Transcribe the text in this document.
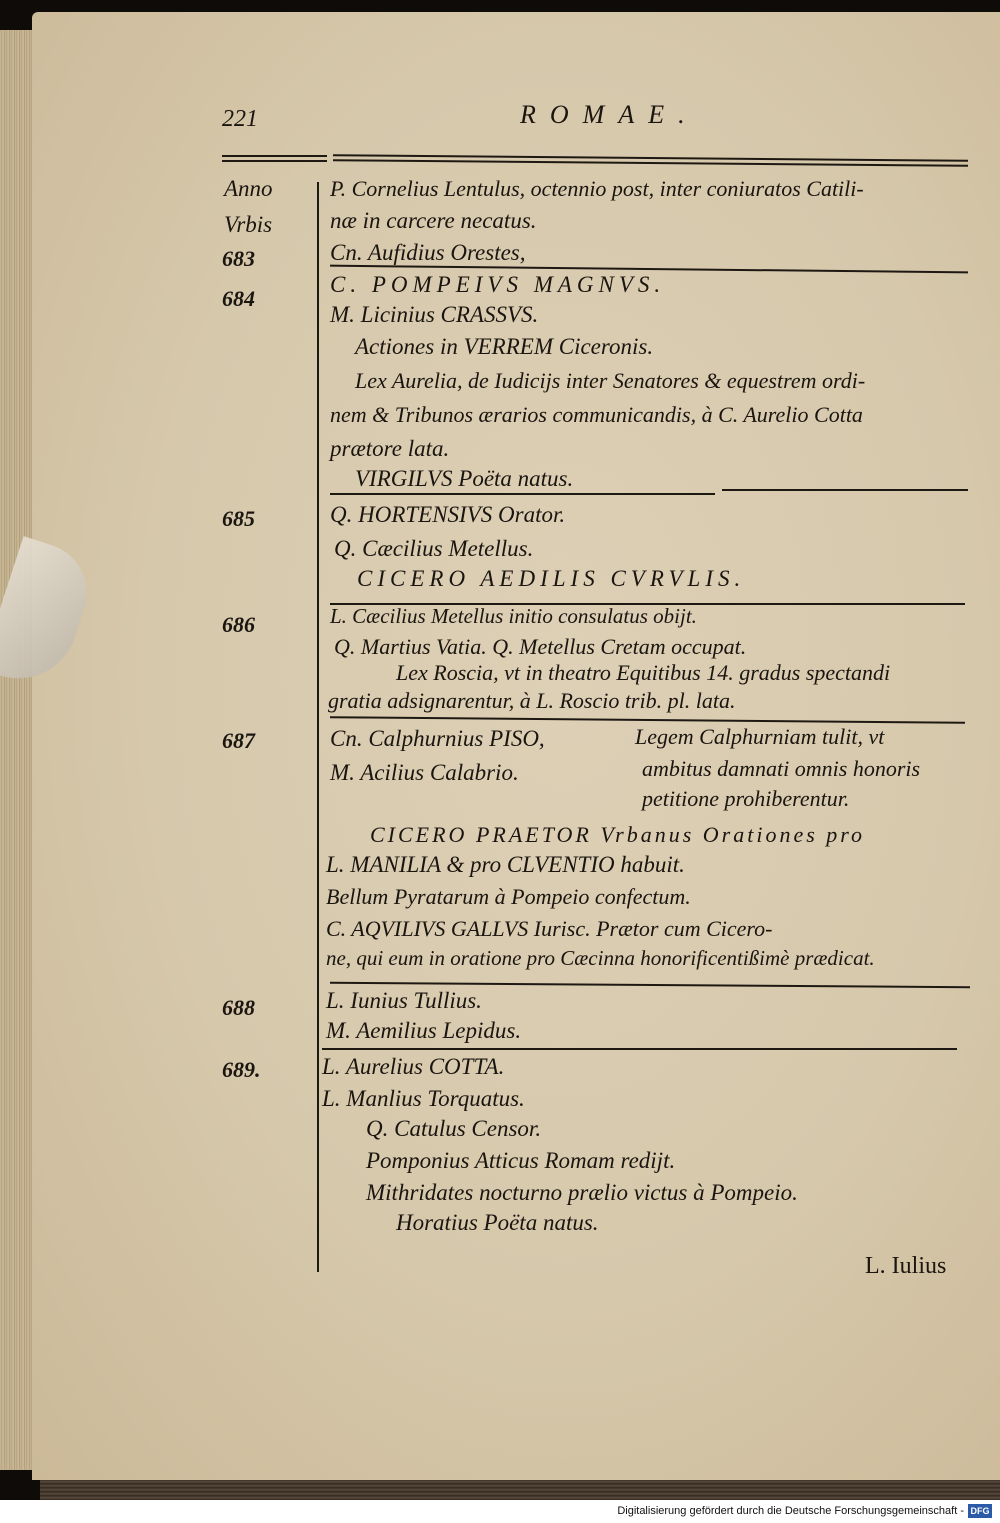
221	ROMAE.
Anno
Vrbis
683
684
685
686
687
688
689.
P. Cornelius Lentulus, octennio post, inter coniuratos Catili-
næ in carcere necatus.
Cn. Aufidius Orestes,
C. POMPEIVS MAGNVS.
M. Licinius CRASSVS.
Actiones in VERREM Ciceronis.
Lex Aurelia, de Iudicijs inter Senatores & equestrem ordi-
nem & Tribunos ærarios communicandis, à C. Aurelio Cotta
prætore lata.
VIRGILVS Poëta natus.
Q. HORTENSIVS Orator.
Q. Cæcilius Metellus.
CICERO AEDILIS CVRVLIS.
L. Cæcilius Metellus initio consulatus obijt.
Q. Martius Vatia. Q. Metellus Cretam occupat.
Lex Roscia, vt in theatro Equitibus 14. gradus spectandi
gratia adsignarentur, à L. Roscio trib. pl. lata.
Cn. Calphurnius PISO,
M. Acilius Calabrio.
Legem Calphurniam tulit, vt
ambitus damnati omnis honoris
petitione prohiberentur.
CICERO PRAETOR Vrbanus Orationes pro
L. MANILIA & pro CLVENTIO habuit.
Bellum Pyratarum à Pompeio confectum.
C. AQVILIVS GALLVS Iurisc. Prætor cum Cicero-
ne, qui eum in oratione pro Cæcinna honorificentißimè prædicat.
L. Iunius Tullius.
M. Aemilius Lepidus.
L. Aurelius COTTA.
L. Manlius Torquatus.
Q. Catulus Censor.
Pomponius Atticus Romam redijt.
Mithridates nocturno prælio victus à Pompeio.
Horatius Poëta natus.
L. Iulius
Digitalisierung gefördert durch die Deutsche Forschungsgemeinschaft - DFG
